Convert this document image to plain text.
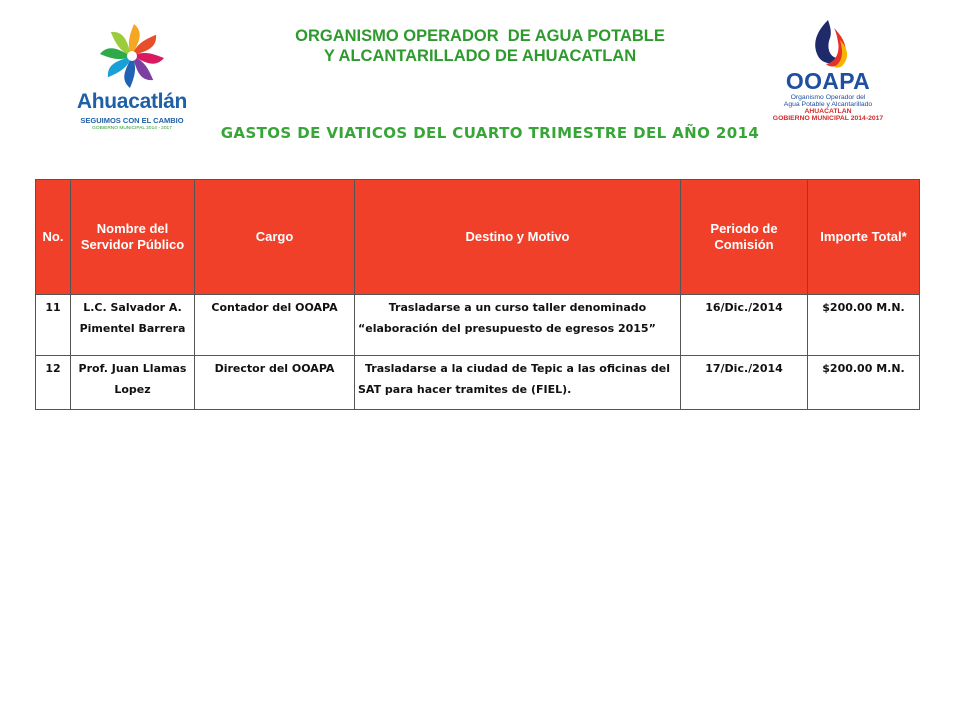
Ahuacatlán
SEGUIMOS CON EL CAMBIO
GOBIERNO MUNICIPAL 2014 - 2017
ORGANISMO OPERADOR  DE AGUA POTABLE
Y ALCANTARILLADO DE AHUACATLAN
GASTOS DE VIATICOS DEL CUARTO TRIMESTRE DEL AÑO 2014
OOAPA
Organismo Operador del
Agua Potable y Alcantarillado
AHUACATLAN
GOBIERNO MUNICIPAL 2014-2017
No.	Nombre del Servidor Público	Cargo	Destino y Motivo	Periodo de Comisión	Importe Total*
11	L.C. Salvador A. Pimentel Barrera	Contador del OOAPA	Trasladarse a un curso taller denominado “elaboración del presupuesto de egresos 2015”	16/Dic./2014	$200.00 M.N.
12	Prof. Juan Llamas Lopez	Director del OOAPA	Trasladarse a la ciudad de Tepic a las oficinas del SAT para hacer tramites de (FIEL).	17/Dic./2014	$200.00 M.N.
